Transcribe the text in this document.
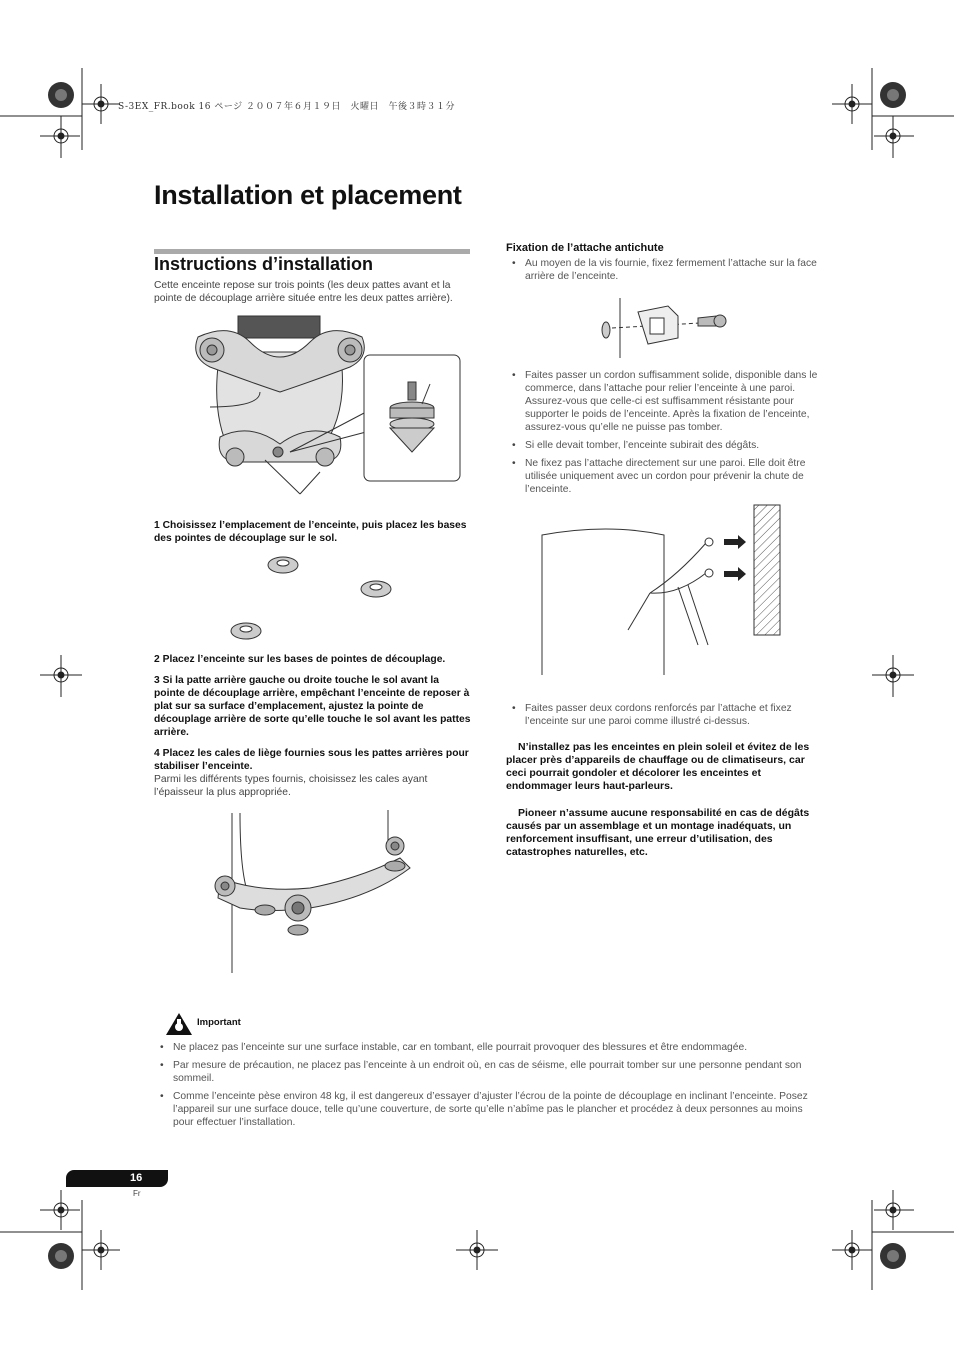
S-3EX_FR.book 16 ページ ２００７年６月１９日　火曜日　午後３時３１分
Installation et placement
Instructions d’installation
Cette enceinte repose sur trois points (les deux pattes avant et la pointe de découplage arrière située entre les deux pattes arrière).
1 Choisissez l’emplacement de l’enceinte, puis placez les bases des pointes de découplage sur le sol.
2 Placez l’enceinte sur les bases de pointes de découplage.
3 Si la patte arrière gauche ou droite touche le sol avant la pointe de découplage arrière, empêchant l’enceinte de reposer à plat sur sa surface d’emplacement, ajustez la pointe de découplage arrière de sorte qu’elle touche le sol avant les pattes arrière.
4 Placez les cales de liège fournies sous les pattes arrières pour stabiliser l’enceinte.
Parmi les différents types fournis, choisissez les cales ayant l’épaisseur la plus appropriée.
Fixation de l’attache antichute
• Au moyen de la vis fournie, fixez fermement l’attache sur la face arrière de l’enceinte.
• Faites passer un cordon suffisamment solide, disponible dans le commerce, dans l’attache pour relier l’enceinte à une paroi. Assurez-vous que celle-ci est suffisamment résistante pour supporter le poids de l’enceinte. Après la fixation de l’enceinte, assurez-vous qu’elle ne puisse pas tomber.
• Si elle devait tomber, l’enceinte subirait des dégâts.
• Ne fixez pas l’attache directement sur une paroi. Elle doit être utilisée uniquement avec un cordon pour prévenir la chute de l’enceinte.
• Faites passer deux cordons renforcés par l’attache et fixez l’enceinte sur une paroi comme illustré ci-dessus.
N’installez pas les enceintes en plein soleil et évitez de les placer près d’appareils de chauffage ou de climatiseurs, car ceci pourrait gondoler et décolorer les enceintes et endommager leurs haut-parleurs.
Pioneer n’assume aucune responsabilité en cas de dégâts causés par un assemblage et un montage inadéquats, un renforcement insuffisant, une erreur d’utilisation, des catastrophes naturelles, etc.
Important
• Ne placez pas l’enceinte sur une surface instable, car en tombant, elle pourrait provoquer des blessures et être endommagée.
• Par mesure de précaution, ne placez pas l’enceinte à un endroit où, en cas de séisme, elle pourrait tomber sur une personne pendant son sommeil.
• Comme l’enceinte pèse environ 48 kg, il est dangereux d’essayer d’ajuster l’écrou de la pointe de découplage en inclinant l’enceinte. Posez l’appareil sur une surface douce, telle qu’une couverture, de sorte qu’elle n’abîme pas le plancher et procédez à deux personnes au moins pour effectuer l’installation.
16
Fr
